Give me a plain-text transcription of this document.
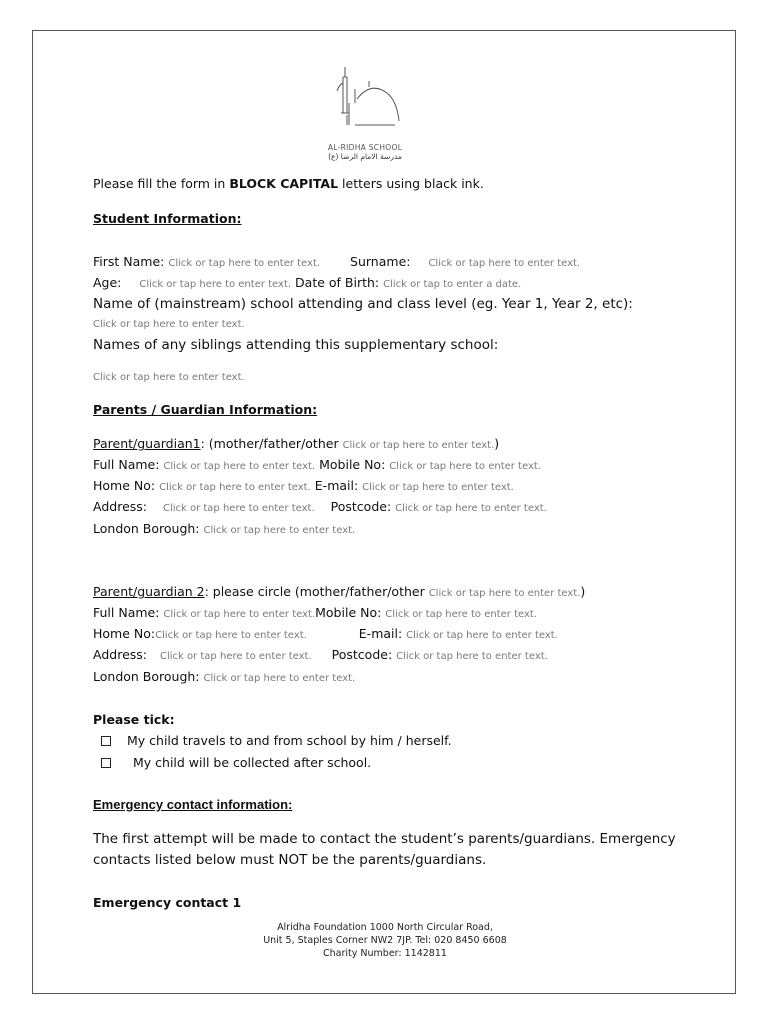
AL-RIDHA SCHOOL
مدرسة الامام الرضا (ع)
Please fill the form in BLOCK CAPITAL letters using black ink.
Student Information:
First Name: Click or tap here to enter text. Surname: Click or tap here to enter text.
Age: Click or tap here to enter text. Date of Birth: Click or tap to enter a date.
Name of (mainstream) school attending and class level (eg. Year 1, Year 2, etc):
Click or tap here to enter text.
Names of any siblings attending this supplementary school:
Click or tap here to enter text.
Parents / Guardian Information:
Parent/guardian1: (mother/father/other Click or tap here to enter text.)
Full Name: Click or tap here to enter text. Mobile No: Click or tap here to enter text.
Home No: Click or tap here to enter text. E-mail: Click or tap here to enter text.
Address: Click or tap here to enter text. Postcode: Click or tap here to enter text.
London Borough: Click or tap here to enter text.
Parent/guardian 2: please circle (mother/father/other Click or tap here to enter text.)
Full Name: Click or tap here to enter text.Mobile No: Click or tap here to enter text.
Home No:Click or tap here to enter text.	E-mail: Click or tap here to enter text.
Address: Click or tap here to enter text. Postcode: Click or tap here to enter text.
London Borough: Click or tap here to enter text.
Please tick:
My child travels to and from school by him / herself.
My child will be collected after school.
Emergency contact information:
The first attempt will be made to contact the student’s parents/guardians. Emergency
contacts listed below must NOT be the parents/guardians.
Emergency contact 1
Alridha Foundation 1000 North Circular Road,
Unit 5, Staples Corner NW2 7JP. Tel: 020 8450 6608
Charity Number: 1142811
